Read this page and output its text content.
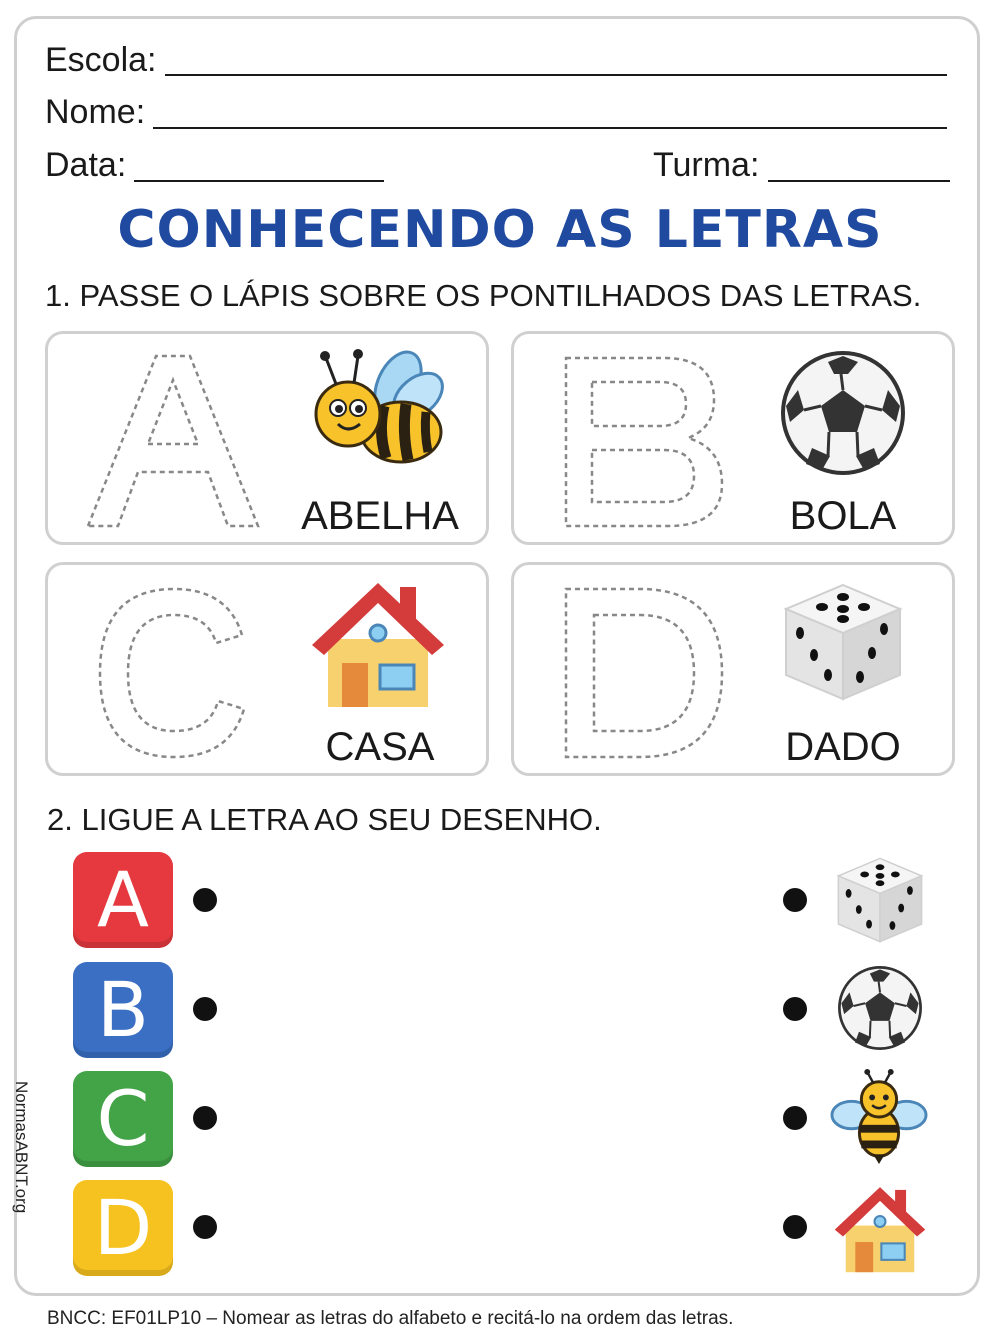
Escola:
Nome:
Data:	Turma:
CONHECENDO AS LETRAS
1. PASSE O LÁPIS SOBRE OS PONTILHADOS DAS LETRAS.
ABELHA	BOLA
CASA	DADO
2. LIGUE A LETRA AO SEU DESENHO.
A
B
C
D
NormasABNT.org
BNCC: EF01LP10 – Nomear as letras do alfabeto e recitá-lo na ordem das letras.
